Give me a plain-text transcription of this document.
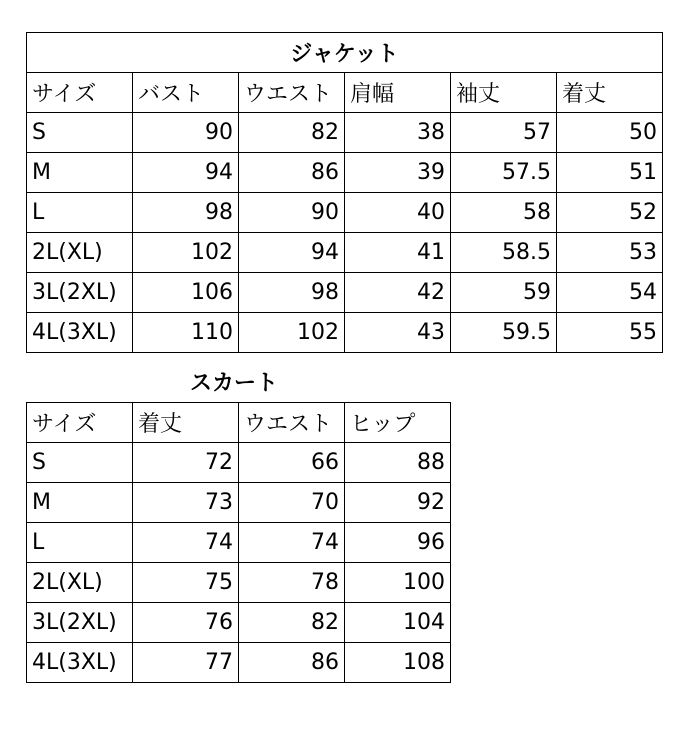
ジャケット					
サイズ	バスト	ウエスト	肩幅	袖丈	着丈
S	90	82	38	57	50
M	94	86	39	57.5	51
L	98	90	40	58	52
2L(XL)	102	94	41	58.5	53
3L(2XL)	106	98	42	59	54
4L(3XL)	110	102	43	59.5	55
スカート
サイズ	着丈	ウエスト	ヒップ
S	72	66	88
M	73	70	92
L	74	74	96
2L(XL)	75	78	100
3L(2XL)	76	82	104
4L(3XL)	77	86	108
